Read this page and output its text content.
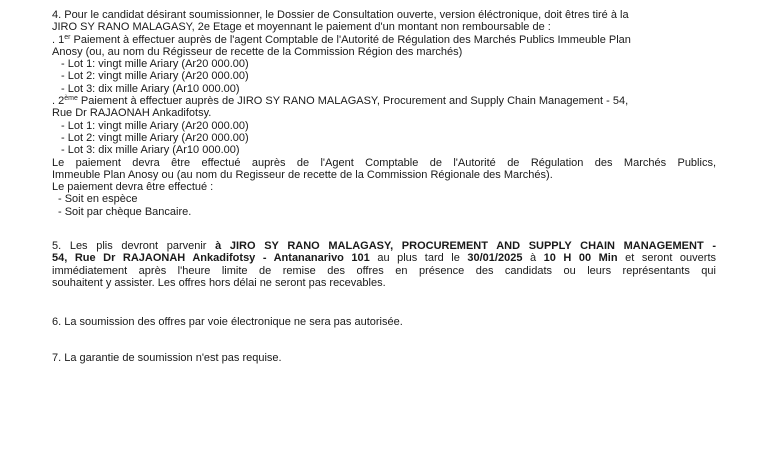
4. Pour le candidat désirant soumissionner, le Dossier de Consultation ouverte, version éléctronique, doit êtres tiré à la
JIRO SY RANO MALAGASY, 2e Etage et moyennant le paiement d'un montant non remboursable de :
. 1er Paiement à effectuer auprès de l'agent Comptable de l'Autorité de Régulation des Marchés Publics Immeuble Plan
Anosy (ou, au nom du Régisseur de recette de la Commission Région des marchés)
- Lot 1: vingt mille Ariary (Ar20 000.00)
- Lot 2: vingt mille Ariary (Ar20 000.00)
- Lot 3: dix mille Ariary (Ar10 000.00)
. 2ème Paiement à effectuer auprès de JIRO SY RANO MALAGASY, Procurement and Supply Chain Management - 54,
Rue Dr RAJAONAH Ankadifotsy.
- Lot 1: vingt mille Ariary (Ar20 000.00)
- Lot 2: vingt mille Ariary (Ar20 000.00)
- Lot 3: dix mille Ariary (Ar10 000.00)
Le paiement devra être effectué auprès de l'Agent Comptable de l'Autorité de Régulation des Marchés Publics,
Immeuble Plan Anosy ou (au nom du Regisseur de recette de la Commission Régionale des Marchés).
Le paiement devra être effectué :
- Soit en espèce
- Soit par chèque Bancaire.
5. Les plis devront parvenir à JIRO SY RANO MALAGASY, PROCUREMENT AND SUPPLY CHAIN MANAGEMENT -
54, Rue Dr RAJAONAH Ankadifotsy - Antananarivo 101 au plus tard le 30/01/2025 à 10 H 00 Min et seront ouverts
immédiatement après l'heure limite de remise des offres en présence des candidats ou leurs représentants qui
souhaitent y assister. Les offres hors délai ne seront pas recevables.
6. La soumission des offres par voie électronique ne sera pas autorisée.
7. La garantie de soumission n'est pas requise.
